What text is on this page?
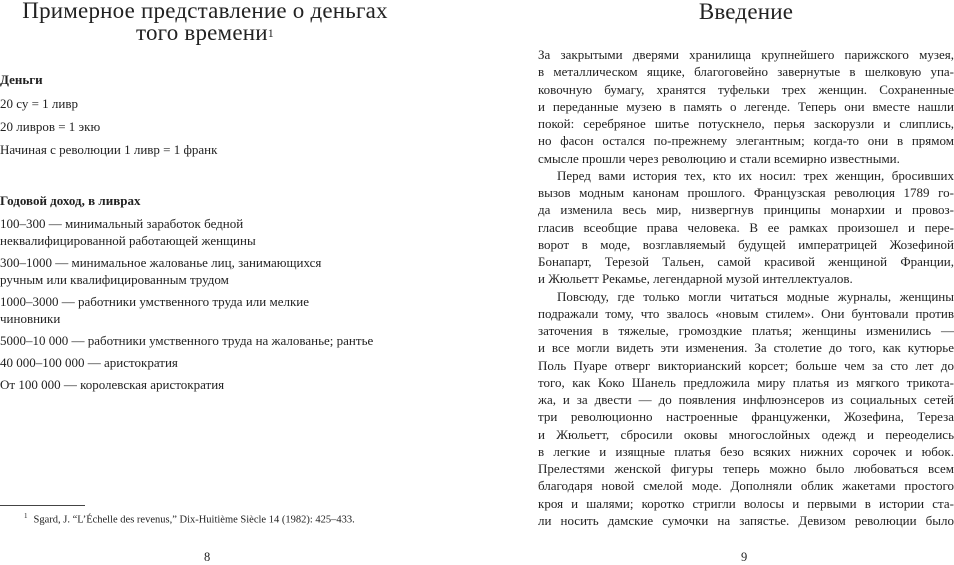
Примерное представление о деньгах
того времени$^1$
Деньги
20 су = 1 ливр
20 ливров = 1 экю
Начиная с революции 1 ливр = 1 франк
Годовой доход, в ливрах
100–300 — минимальный заработок бедной
неквалифицированной работающей женщины
300–1000 — минимальное жалованье лиц, занимающихся
ручным или квалифицированным трудом
1000–3000 — работники умственного труда или мелкие
чиновники
5000–10 000 — работники умственного труда на жалованье; рантье
40 000–100 000 — аристократия
От 100 000 — королевская аристократия
$^1$ Sgard, J. “L’Échelle des revenus,” Dix-Huitième Siècle 14 (1982): 425–433.
8
Введение
За закрытыми дверями хранилища крупнейшего парижского музея,
в металлическом ящике, благоговейно завернутые в шелковую упа-
ковочную бумагу, хранятся туфельки трех женщин. Сохраненные
и переданные музею в память о легенде. Теперь они вместе нашли
покой: серебряное шитье потускнело, перья заскорузли и слиплись,
но фасон остался по-прежнему элегантным; когда-то они в прямом
смысле прошли через революцию и стали всемирно известными.
Перед вами история тех, кто их носил: трех женщин, бросивших
вызов модным канонам прошлого. Французская революция 1789 го-
да изменила весь мир, низвергнув принципы монархии и провоз-
гласив всеобщие права человека. В ее рамках произошел и пере-
ворот в моде, возглавляемый будущей императрицей Жозефиной
Бонапарт, Терезой Тальен, самой красивой женщиной Франции,
и Жюльетт Рекамье, легендарной музой интеллектуалов.
Повсюду, где только могли читаться модные журналы, женщины
подражали тому, что звалось «новым стилем». Они бунтовали против
заточения в тяжелые, громоздкие платья; женщины изменились —
и все могли видеть эти изменения. За столетие до того, как кутюрье
Поль Пуаре отверг викторианский корсет; больше чем за сто лет до
того, как Коко Шанель предложила миру платья из мягкого трикота-
жа, и за двести — до появления инфлюэнсеров из социальных сетей
три революционно настроенные француженки, Жозефина, Тереза
и Жюльетт, сбросили оковы многослойных одежд и переоделись
в легкие и изящные платья безо всяких нижних сорочек и юбок.
Прелестями женской фигуры теперь можно было любоваться всем
благодаря новой смелой моде. Дополняли облик жакетами простого
кроя и шалями; коротко стригли волосы и первыми в истории ста-
ли носить дамские сумочки на запястье. Девизом революции было
9
